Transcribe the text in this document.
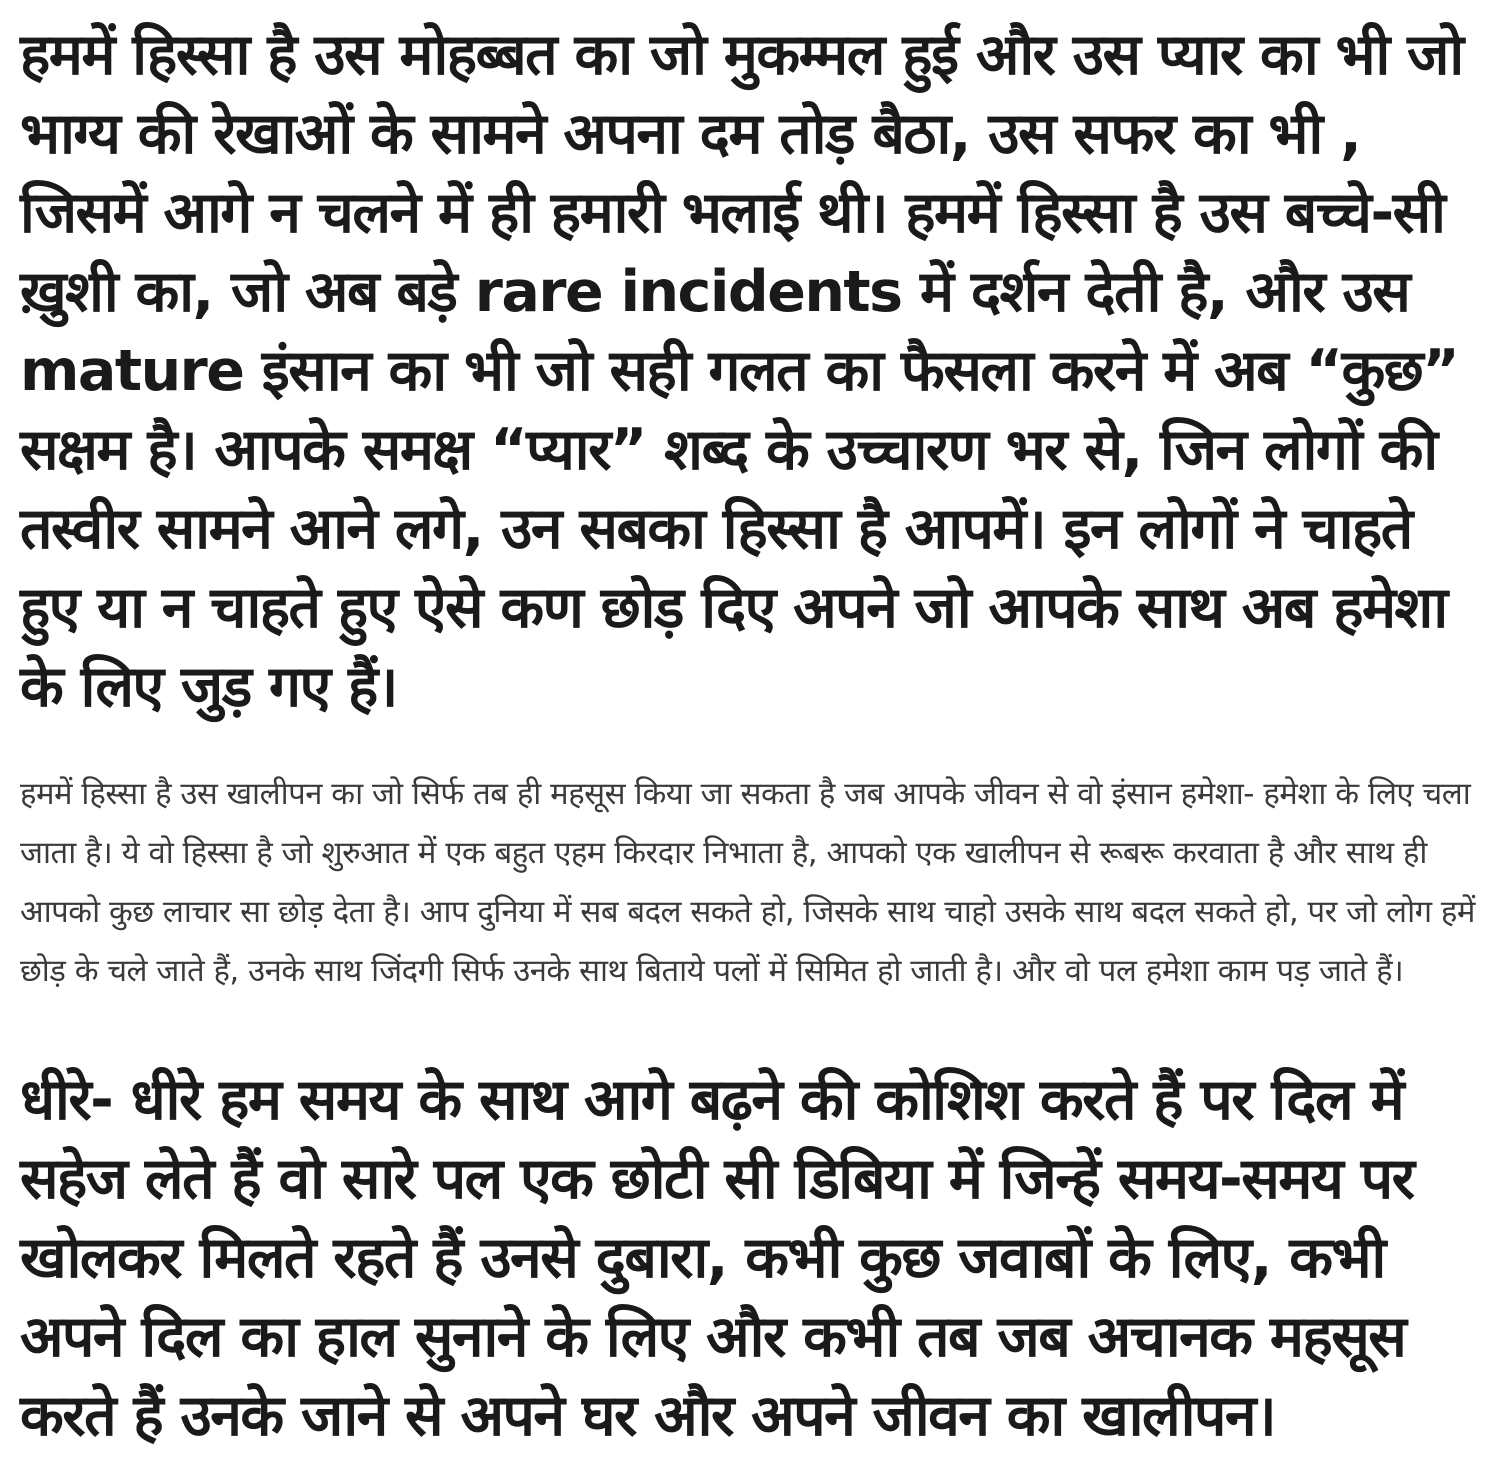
हममें हिस्सा है उस मोहब्बत का जो मुकम्मल हुई और उस प्यार का भी जो भाग्य की रेखाओं के सामने अपना दम तोड़ बैठा, उस सफर का भी , जिसमें आगे न चलने में ही हमारी भलाई थी। हममें हिस्सा है उस बच्चे-सी ख़ुशी का, जो अब बड़े rare incidents में दर्शन देती है, और उस mature इंसान का भी जो सही गलत का फैसला करने में अब “कुछ” सक्षम है। आपके समक्ष “प्यार” शब्द के उच्चारण भर से, जिन लोगों की तस्वीर सामने आने लगे, उन सबका हिस्सा है आपमें। इन लोगों ने चाहते हुए या न चाहते हुए ऐसे कण छोड़ दिए अपने जो आपके साथ अब हमेशा के लिए जुड़ गए हैं।

हममें हिस्सा है उस खालीपन का जो सिर्फ तब ही महसूस किया जा सकता है जब आपके जीवन से वो इंसान हमेशा- हमेशा के लिए चला जाता है। ये वो हिस्सा है जो शुरुआत में एक बहुत एहम किरदार निभाता है, आपको एक खालीपन से रूबरू करवाता है और साथ ही आपको कुछ लाचार सा छोड़ देता है। आप दुनिया में सब बदल सकते हो, जिसके साथ चाहो उसके साथ बदल सकते हो, पर जो लोग हमें छोड़ के चले जाते हैं, उनके साथ जिंदगी सिर्फ उनके साथ बिताये पलों में सिमित हो जाती है। और वो पल हमेशा काम पड़ जाते हैं।

धीरे- धीरे हम समय के साथ आगे बढ़ने की कोशिश करते हैं पर दिल में सहेज लेते हैं वो सारे पल एक छोटी सी डिबिया में जिन्हें समय-समय पर खोलकर मिलते रहते हैं उनसे दुबारा, कभी कुछ जवाबों के लिए, कभी अपने दिल का हाल सुनाने के लिए और कभी तब जब अचानक महसूस करते हैं उनके जाने से अपने घर और अपने जीवन का खालीपन।
